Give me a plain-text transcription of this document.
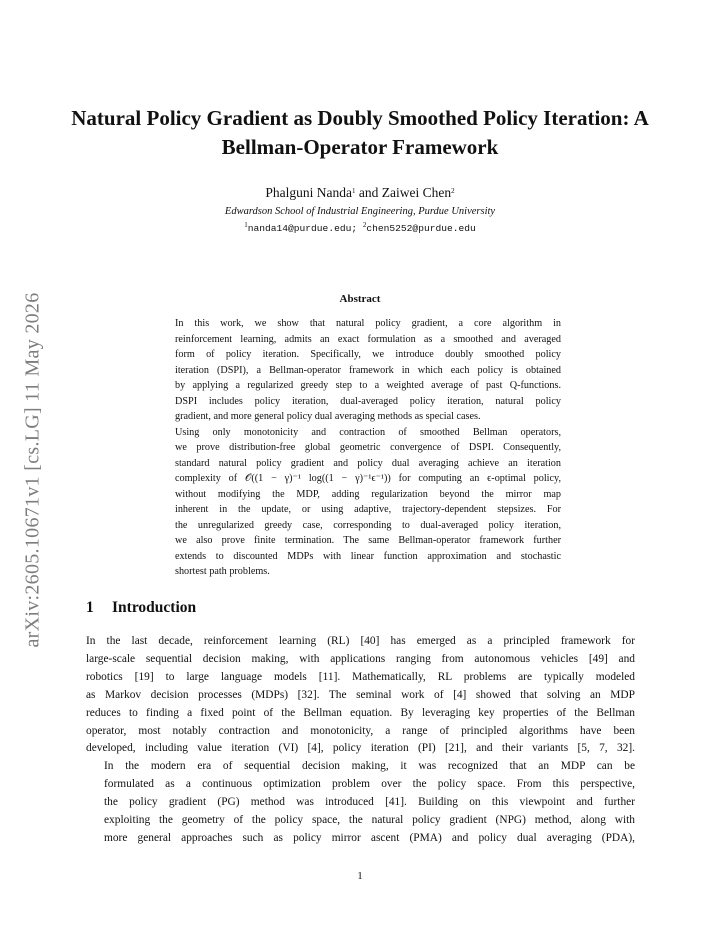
arXiv:2605.10671v1 [cs.LG] 11 May 2026
Natural Policy Gradient as Doubly Smoothed Policy Iteration: A Bellman-Operator Framework
Phalguni Nanda$^1$ and Zaiwei Chen$^2$
Edwardson School of Industrial Engineering, Purdue University
$^1$nanda14@purdue.edu; $^2$chen5252@purdue.edu
Abstract

In this work, we show that natural policy gradient, a core algorithm in
reinforcement learning, admits an exact formulation as a smoothed and averaged
form of policy iteration. Specifically, we introduce doubly smoothed policy
iteration (DSPI), a Bellman-operator framework in which each policy is obtained
by applying a regularized greedy step to a weighted average of past Q-functions.
DSPI includes policy iteration, dual-averaged policy iteration, natural policy
gradient, and more general policy dual averaging methods as special cases.

Using only monotonicity and contraction of smoothed Bellman operators,
we prove distribution-free global geometric convergence of DSPI. Consequently,
standard natural policy gradient and policy dual averaging achieve an iteration
complexity of 𝒪((1 − γ)⁻¹ log((1 − γ)⁻¹ϵ⁻¹)) for computing an ϵ-optimal policy,
without modifying the MDP, adding regularization beyond the mirror map
inherent in the update, or using adaptive, trajectory-dependent stepsizes. For
the unregularized greedy case, corresponding to dual-averaged policy iteration,
we also prove finite termination. The same Bellman-operator framework further
extends to discounted MDPs with linear function approximation and stochastic
shortest path problems.

1 Introduction

In the last decade, reinforcement learning (RL) [40] has emerged as a principled framework for
large-scale sequential decision making, with applications ranging from autonomous vehicles [49] and
robotics [19] to large language models [11]. Mathematically, RL problems are typically modeled
as Markov decision processes (MDPs) [32]. The seminal work of [4] showed that solving an MDP
reduces to finding a fixed point of the Bellman equation. By leveraging key properties of the Bellman
operator, most notably contraction and monotonicity, a range of principled algorithms have been
developed, including value iteration (VI) [4], policy iteration (PI) [21], and their variants [5, 7, 32].

In the modern era of sequential decision making, it was recognized that an MDP can be
formulated as a continuous optimization problem over the policy space. From this perspective,
the policy gradient (PG) method was introduced [41]. Building on this viewpoint and further
exploiting the geometry of the policy space, the natural policy gradient (NPG) method, along with
more general approaches such as policy mirror ascent (PMA) and policy dual averaging (PDA),

1
